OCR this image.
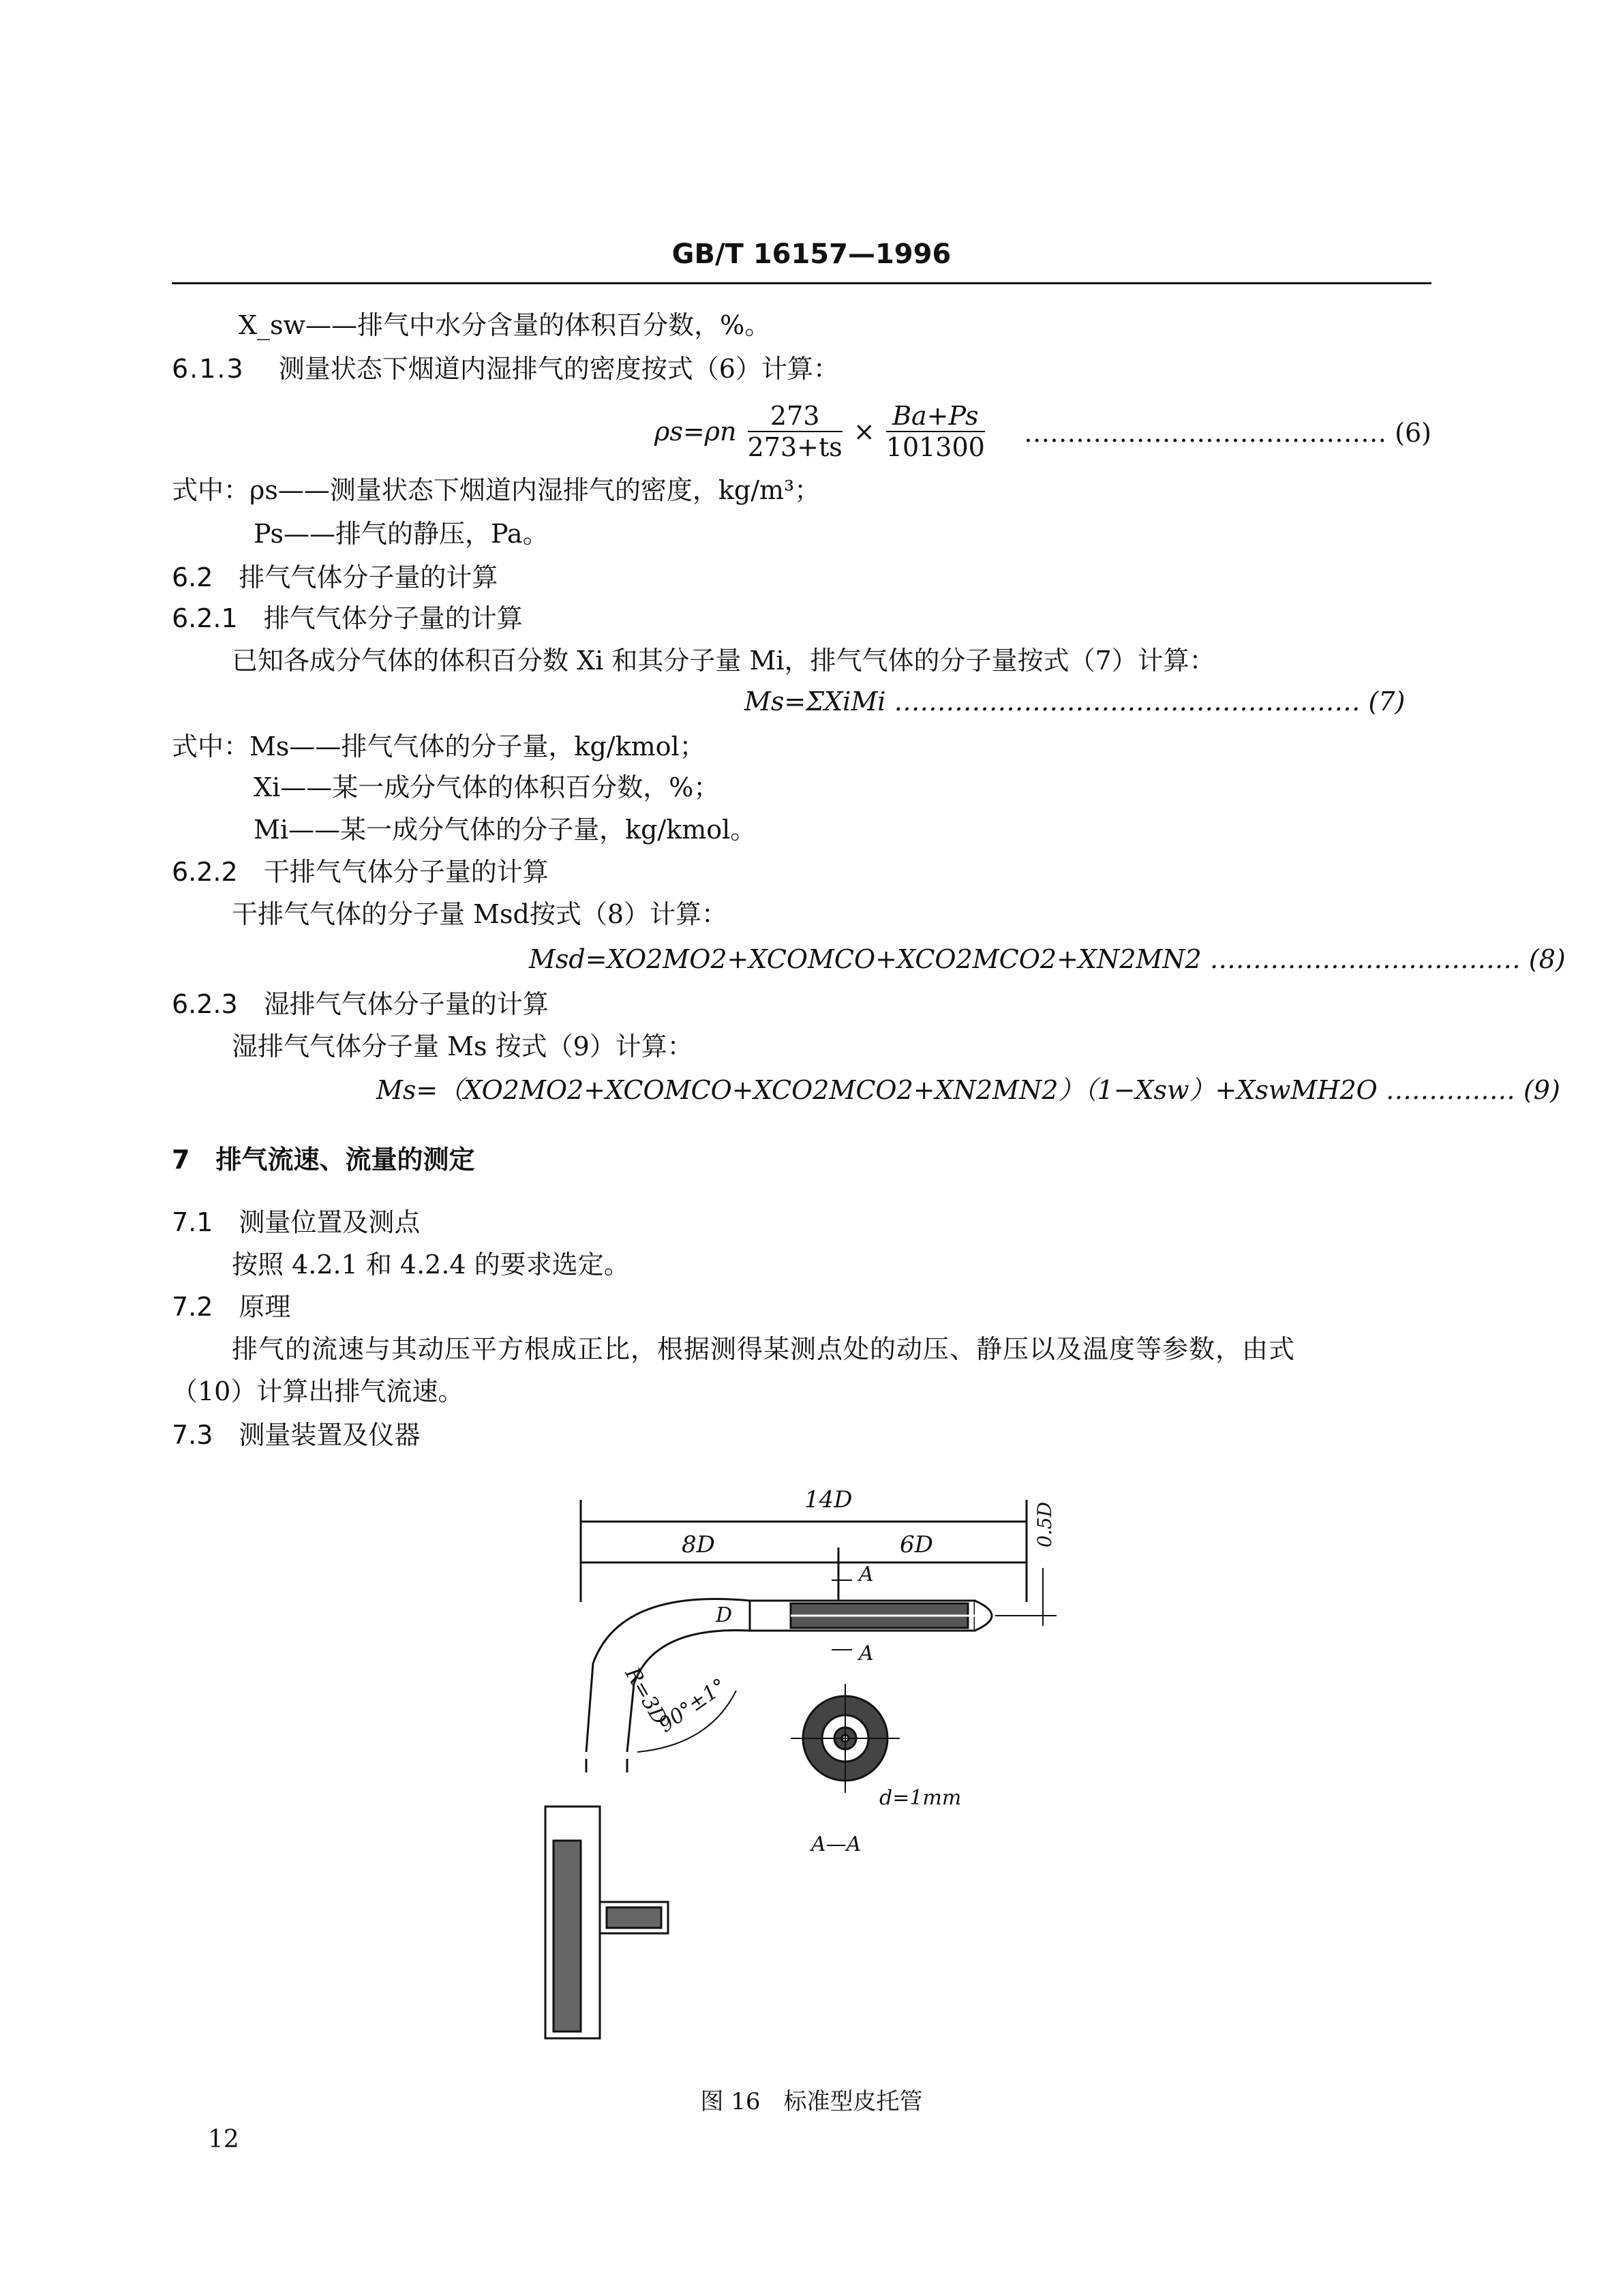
GB/T 16157—1996
X_sw——排气中水分含量的体积百分数，%。
6.1.3　 测量状态下烟道内湿排气的密度按式（6）计算：
$\rho s=\rho n \frac{273}{273+ts} \times \frac{Ba+Ps}{101300}$ …………………………………… (6)
式中：ρs——测量状态下烟道内湿排气的密度，kg/m³；
Ps——排气的静压，Pa。
6.2　排气气体分子量的计算
6.2.1　排气气体分子量的计算
已知各成分气体的体积百分数 Xi 和其分子量 Mi，排气气体的分子量按式（7）计算：
Ms=ΣXiMi ……………………………………………… (7)
式中：Ms——排气气体的分子量，kg/kmol；
Xi——某一成分气体的体积百分数，%；
Mi——某一成分气体的分子量，kg/kmol。
6.2.2　干排气气体分子量的计算
干排气气体的分子量 Msd按式（8）计算：
Msd=XO2MO2+XCOMCO+XCO2MCO2+XN2MN2 ……………………………… (8)
6.2.3　湿排气气体分子量的计算
湿排气气体分子量 Ms 按式（9）计算：
Ms=（XO2MO2+XCOMCO+XCO2MCO2+XN2MN2）（1−Xsw）+XswMH2O …………… (9)
7　排气流速、流量的测定
7.1　测量位置及测点
按照 4.2.1 和 4.2.4 的要求选定。
7.2　原理
排气的流速与其动压平方根成正比，根据测得某测点处的动压、静压以及温度等参数，由式
（10）计算出排气流速。
7.3　测量装置及仪器
14D
8D	6D	0.5D
D
R=3D
90°±1°
A
A
d=1mm
A—A
图 16　标准型皮托管
12
